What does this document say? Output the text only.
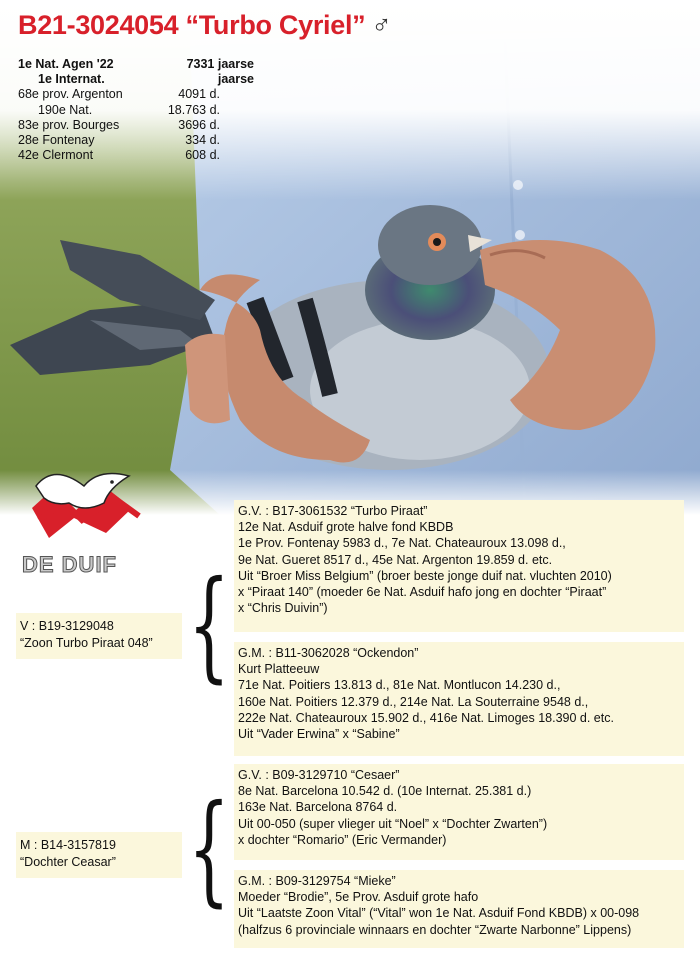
B21-3024054 “Turbo Cyriel” ♂
1e Nat. Agen '22	7331 jaarse
1e Internat.	jaarse
68e prov. Argenton	4091 d.
190e Nat.	18.763 d.
83e prov. Bourges	3696 d.
28e Fontenay	334 d.
42e Clermont	608 d.
DE DUIF
V : B19-3129048
“Zoon Turbo Piraat 048”
M : B14-3157819
“Dochter Ceasar”
{
{
G.V. : B17-3061532 “Turbo Piraat”
12e Nat. Asduif grote halve fond KBDB
1e Prov. Fontenay 5983 d., 7e Nat. Chateauroux 13.098 d.,
9e Nat. Gueret 8517 d., 45e Nat. Argenton 19.859 d. etc.
Uit “Broer Miss Belgium” (broer beste jonge duif nat. vluchten 2010)
x “Piraat 140” (moeder 6e Nat. Asduif hafo jong en dochter “Piraat”
x “Chris Duivin”)
G.M. : B11-3062028 “Ockendon”
Kurt Platteeuw
71e Nat. Poitiers 13.813 d., 81e Nat. Montlucon 14.230 d.,
160e Nat. Poitiers 12.379 d., 214e Nat. La Souterraine 9548 d.,
222e Nat. Chateauroux 15.902 d., 416e Nat. Limoges 18.390 d. etc.
Uit “Vader Erwina” x “Sabine”
G.V. : B09-3129710 “Cesaer”
8e Nat. Barcelona 10.542 d. (10e Internat. 25.381 d.)
163e Nat. Barcelona 8764 d.
Uit 00-050 (super vlieger uit “Noel” x “Dochter Zwarten”)
x dochter “Romario” (Eric Vermander)
G.M. : B09-3129754 “Mieke”
Moeder “Brodie”, 5e Prov. Asduif grote hafo
Uit “Laatste Zoon Vital” (“Vital” won 1e Nat. Asduif Fond KBDB) x 00-098
(halfzus 6 provinciale winnaars en dochter “Zwarte Narbonne” Lippens)
